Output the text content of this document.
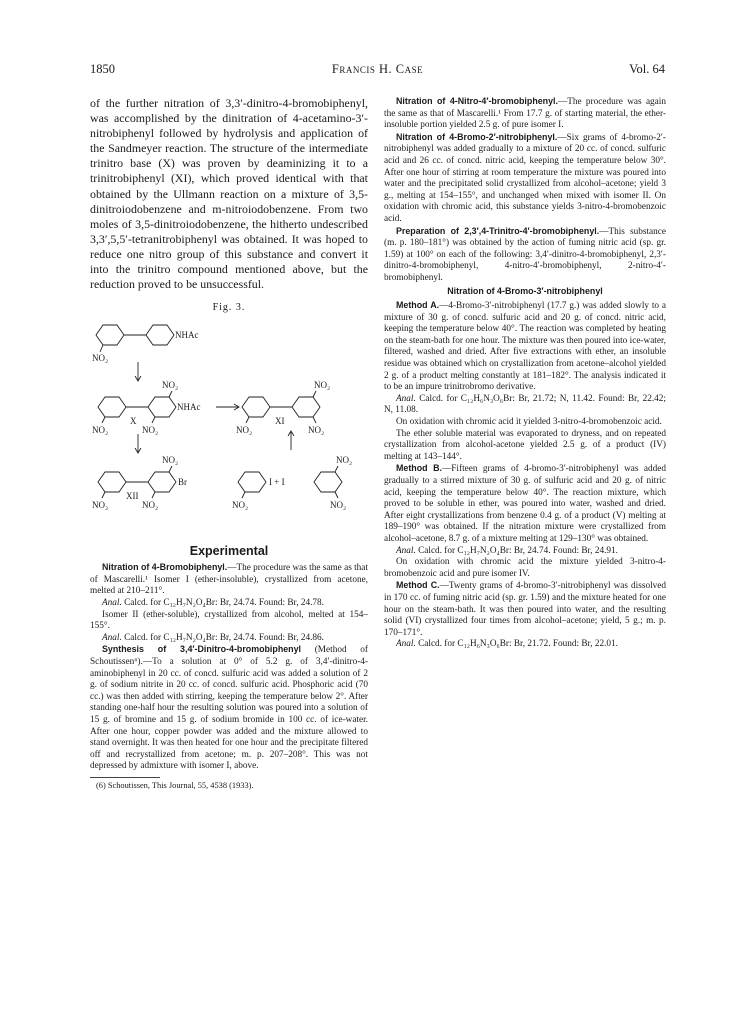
1850	Francis H. Case	Vol. 64

of the further nitration of 3,3′-dinitro-4-bromobiphenyl, was accomplished by the dinitration of 4-acetamino-3′-nitrobiphenyl followed by hydrolysis and application of the Sandmeyer reaction. The structure of the intermediate trinitro base (X) was proven by deaminizing it to a trinitrobiphenyl (XI), which proved identical with that obtained by the Ullmann reaction on a mixture of 3,5-dinitroiodobenzene and m-nitroiodobenzene. From two moles of 3,5-dinitroiodobenzene, the hitherto undescribed 3,3′,5,5′-tetranitrobiphenyl was obtained. It was hoped to reduce one nitro group of this substance and convert it into the trinitro compound mentioned above, but the reduction proved to be unsuccessful.

Fig. 3.
NHAc
NO₂
NO₂
NHAc
X
NO₂	NO₂
NO₂
XI
NO₂	NO₂
NO₂
Br
XII
NO₂	NO₂
NO₂
I + I
NO₂	NO₂
Experimental

Nitration of 4-Bromobiphenyl.—The procedure was the same as that of Mascarelli.¹ Isomer I (ether-insoluble), crystallized from acetone, melted at 210–211°.

Anal. Calcd. for C₁₂H₇N₂O₄Br: Br, 24.74. Found: Br, 24.78.

Isomer II (ether-soluble), crystallized from alcohol, melted at 154–155°.

Anal. Calcd. for C₁₂H₇N₂O₄Br: Br, 24.74. Found: Br, 24.86.

Synthesis of 3,4′-Dinitro-4-bromobiphenyl (Method of Schoutissen⁶).—To a solution at 0° of 5.2 g. of 3,4′-dinitro-4-aminobiphenyl in 20 cc. of concd. sulfuric acid was added a solution of 2 g. of sodium nitrite in 20 cc. of concd. sulfuric acid. Phosphoric acid (70 cc.) was then added with stirring, keeping the temperature below 2°. After standing one-half hour the resulting solution was poured into a solution of 15 g. of bromine and 15 g. of sodium bromide in 100 cc. of ice-water. After one hour, copper powder was added and the mixture allowed to stand overnight. It was then heated for one hour and the precipitate filtered off and recrystallized from acetone; m. p. 207–208°. This was not depressed by admixture with isomer I, above.

(6) Schoutissen, This Journal, 55, 4538 (1933).

Nitration of 4-Nitro-4′-bromobiphenyl.—The procedure was again the same as that of Mascarelli.¹ From 17.7 g. of starting material, the ether-insoluble portion yielded 2.5 g. of pure isomer I.

Nitration of 4-Bromo-2′-nitrobiphenyl.—Six grams of 4-bromo-2′-nitrobiphenyl was added gradually to a mixture of 20 cc. of concd. sulfuric acid and 26 cc. of concd. nitric acid, keeping the temperature below 30°. After one hour of stirring at room temperature the mixture was poured into water and the precipitated solid crystallized from alcohol–acetone; yield 3 g., melting at 154–155°, and unchanged when mixed with isomer II. On oxidation with chromic acid, this substance yields 3-nitro-4-bromobenzoic acid.

Preparation of 2,3′,4-Trinitro-4′-bromobiphenyl.—This substance (m. p. 180–181°) was obtained by the action of fuming nitric acid (sp. gr. 1.59) at 100° on each of the following: 3,4′-dinitro-4-bromobiphenyl, 2,3′-dinitro-4-bromobiphenyl, 4-nitro-4′-bromobiphenyl, 2-nitro-4′-bromobiphenyl.

Nitration of 4-Bromo-3′-nitrobiphenyl

Method A.—4-Bromo-3′-nitrobiphenyl (17.7 g.) was added slowly to a mixture of 30 g. of concd. sulfuric acid and 20 g. of concd. nitric acid, keeping the temperature below 40°. The reaction was completed by heating on the steam-bath for one hour. The mixture was then poured into ice-water, filtered, washed and dried. After five extractions with ether, an insoluble residue was obtained which on crystallization from acetone–alcohol yielded 2 g. of a product melting constantly at 181–182°. The analysis indicated it to be an impure trinitrobromo derivative.

Anal. Calcd. for C₁₂H₆N₃O₆Br: Br, 21.72; N, 11.42. Found: Br, 22.42; N, 11.08.

On oxidation with chromic acid it yielded 3-nitro-4-bromobenzoic acid.

The ether soluble material was evaporated to dryness, and on repeated crystallization from alcohol-acetone yielded 2.5 g. of a product (IV) melting at 143–144°.

Method B.—Fifteen grams of 4-bromo-3′-nitrobiphenyl was added gradually to a stirred mixture of 30 g. of sulfuric acid and 20 g. of nitric acid, keeping the temperature below 40°. The reaction mixture, which proved to be soluble in ether, was poured into water, washed and dried. After eight crystallizations from benzene 0.4 g. of a product (V) melting at 189–190° was obtained. If the nitration mixture were crystallized from alcohol–acetone, 8.7 g. of a mixture melting at 129–130° was obtained.

Anal. Calcd. for C₁₂H₇N₂O₄Br: Br, 24.74. Found: Br, 24.91.

On oxidation with chromic acid the mixture yielded 3-nitro-4-bromobenzoic acid and pure isomer IV.

Method C.—Twenty grams of 4-bromo-3′-nitrobiphenyl was dissolved in 170 cc. of fuming nitric acid (sp. gr. 1.59) and the mixture heated for one hour on the steam-bath. It was then poured into water, and the resulting solid (VI) crystallized four times from alcohol–acetone; yield, 5 g.; m. p. 170–171°.

Anal. Calcd. for C₁₂H₆N₃O₆Br: Br, 21.72. Found: Br, 22.01.
